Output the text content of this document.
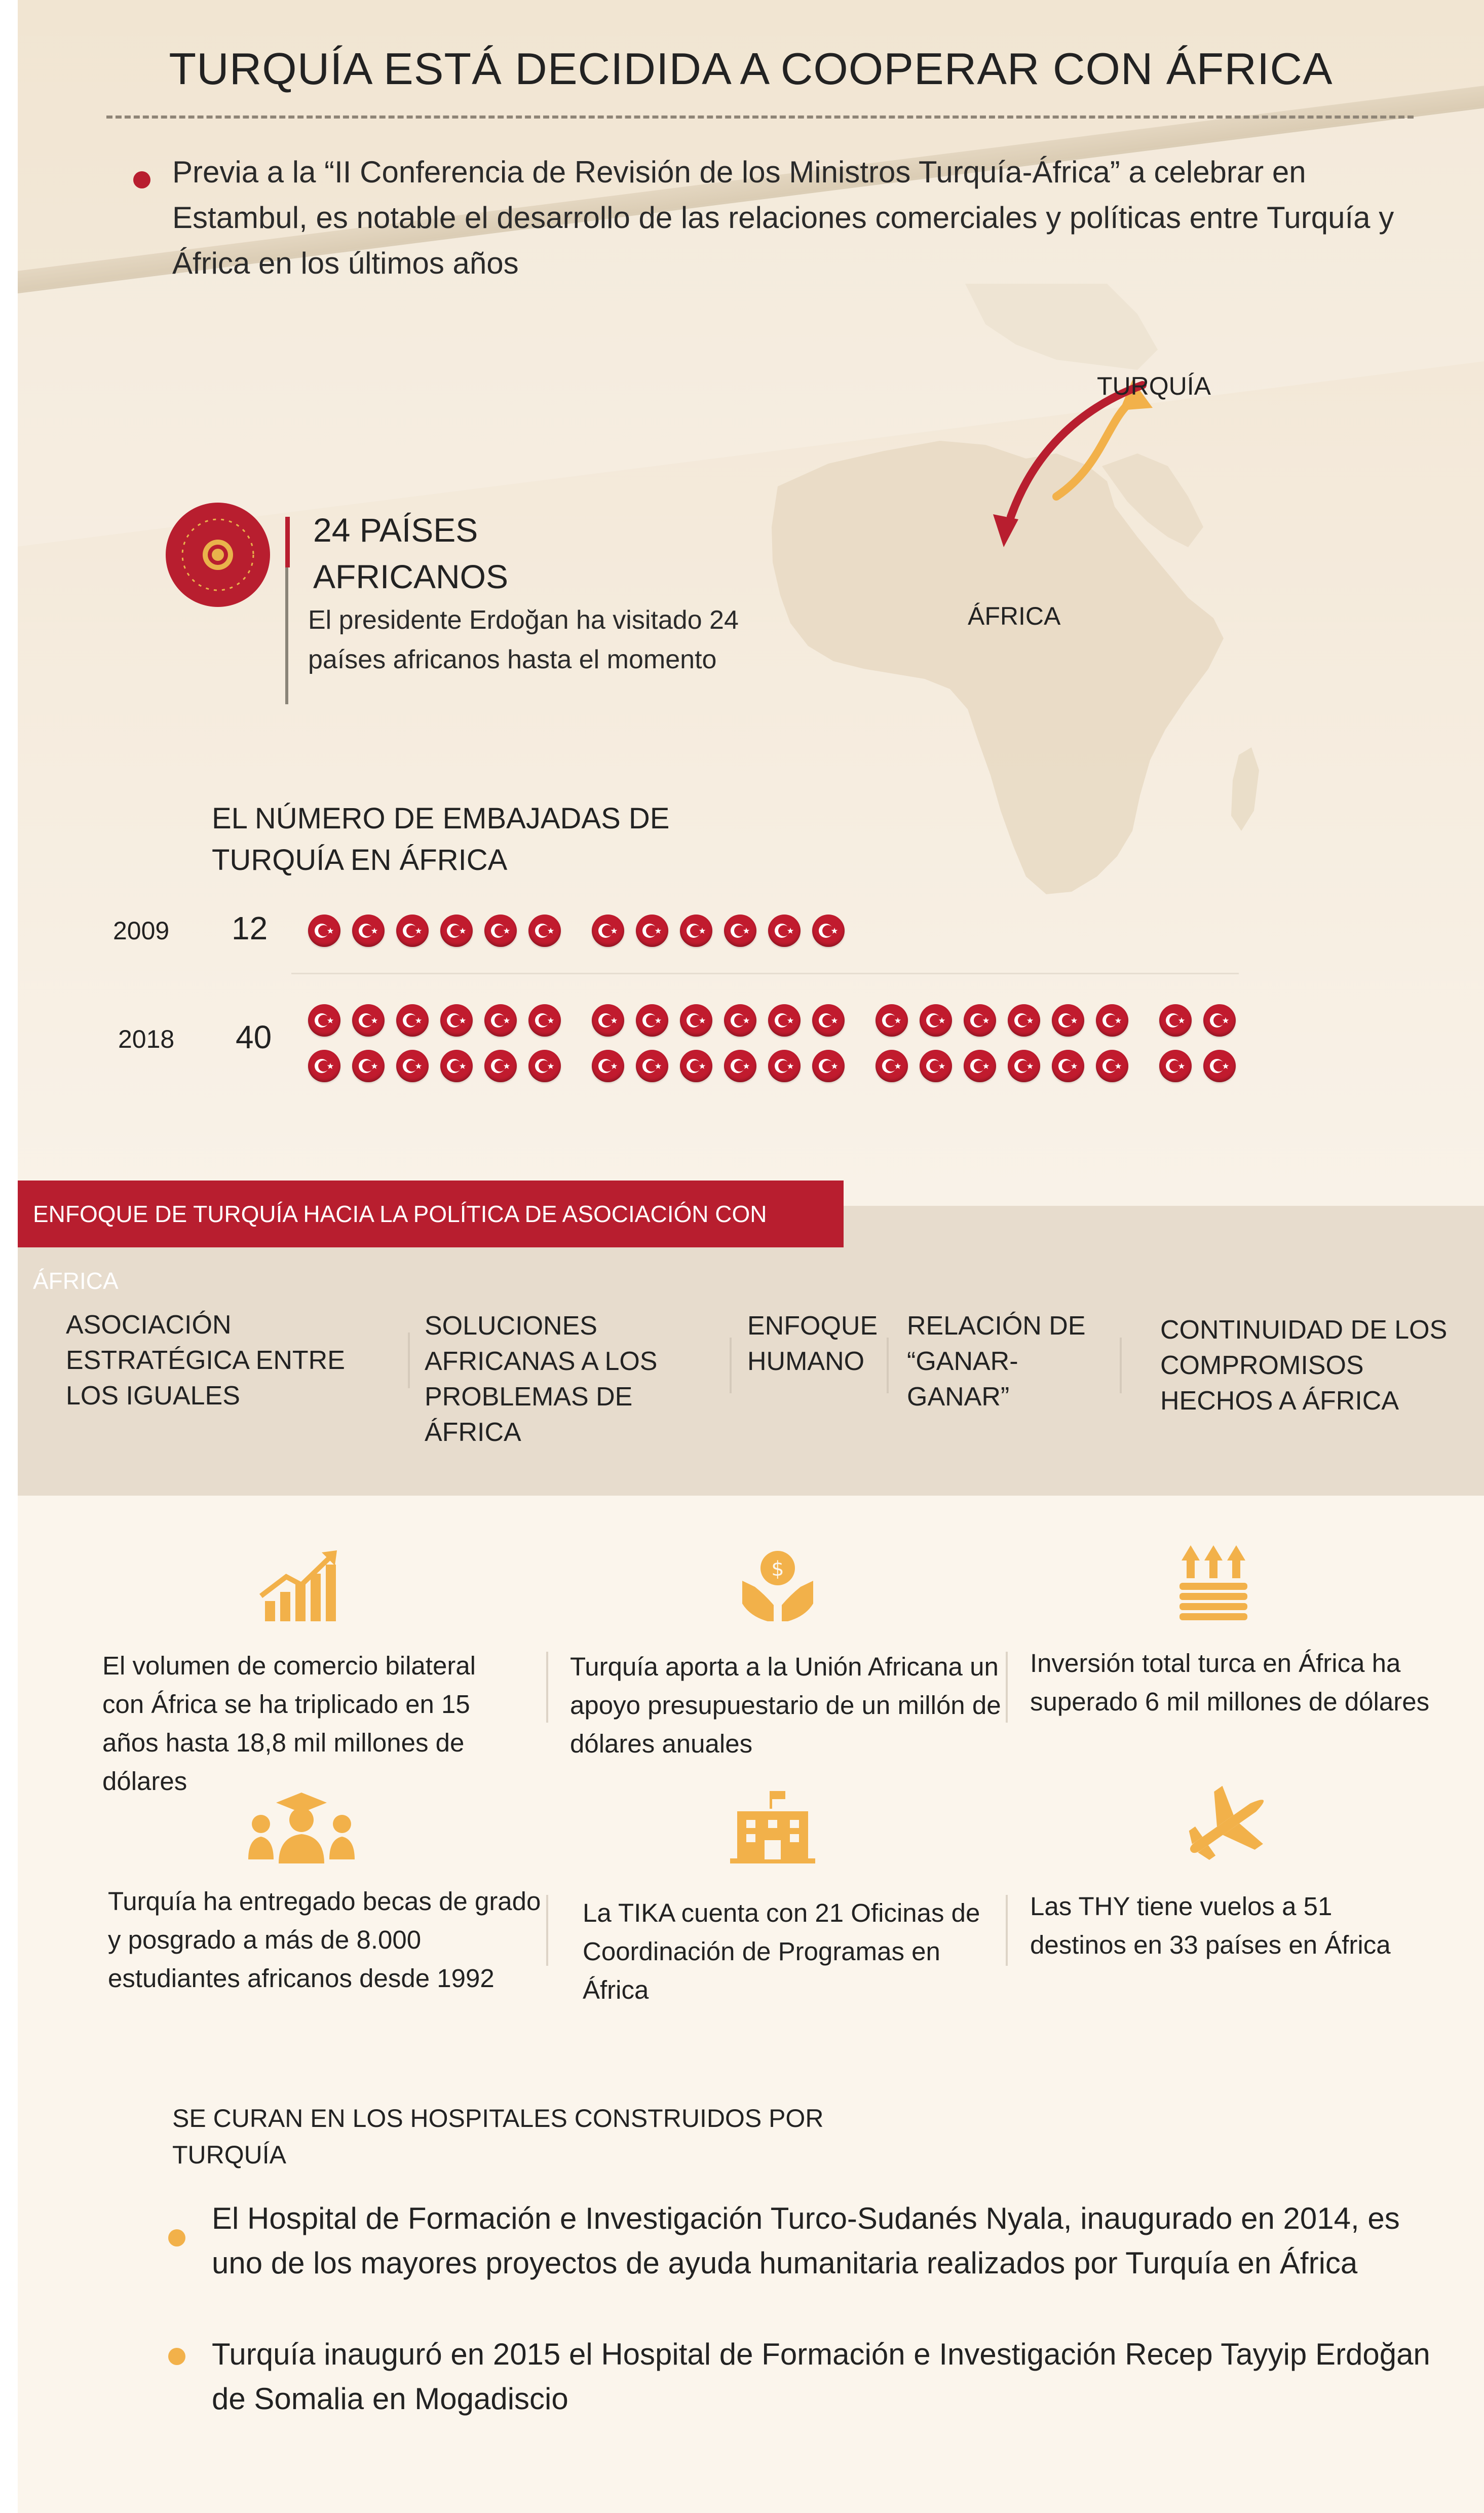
TURQUÍA ESTÁ DECIDIDA A COOPERAR CON ÁFRICA
Previa a la “II Conferencia de Revisión de los Ministros Turquía-África” a celebrar en Estambul, es notable el desarrollo de las relaciones comerciales y políticas entre Turquía y África en los últimos años
TURQUÍA
ÁFRICA
24 PAÍSES
AFRICANOS
El presidente Erdoğan ha visitado 24 países africanos hasta el momento
EL NÚMERO DE EMBAJADAS DE
TURQUÍA EN ÁFRICA
2009 12
2018 40
ENFOQUE DE TURQUÍA HACIA LA POLÍTICA DE ASOCIACIÓN CON ÁFRICA
ASOCIACIÓN ESTRATÉGICA ENTRE LOS IGUALES
SOLUCIONES AFRICANAS A LOS PROBLEMAS DE ÁFRICA
ENFOQUE HUMANO
RELACIÓN DE “GANAR-GANAR”
CONTINUIDAD DE LOS COMPROMISOS HECHOS A ÁFRICA
El volumen de comercio bilateral con África se ha triplicado en 15 años hasta 18,8 mil millones de dólares
$
Turquía aporta a la Unión Africana un apoyo presupuestario de un millón de dólares anuales
Inversión total turca en África ha superado 6 mil millones de dólares
Turquía ha entregado becas de grado y posgrado a más de 8.000 estudiantes africanos desde 1992
La TIKA cuenta con 21 Oficinas de Coordinación de Programas en África
Las THY tiene vuelos a 51 destinos en 33 países en África
SE CURAN EN LOS HOSPITALES CONSTRUIDOS POR TURQUÍA
El Hospital de Formación e Investigación Turco-Sudanés Nyala, inaugurado en 2014, es uno de los mayores proyectos de ayuda humanitaria realizados por Turquía en África
Turquía inauguró en 2015 el Hospital de Formación e Investigación Recep Tayyip Erdoğan de Somalia en Mogadiscio
